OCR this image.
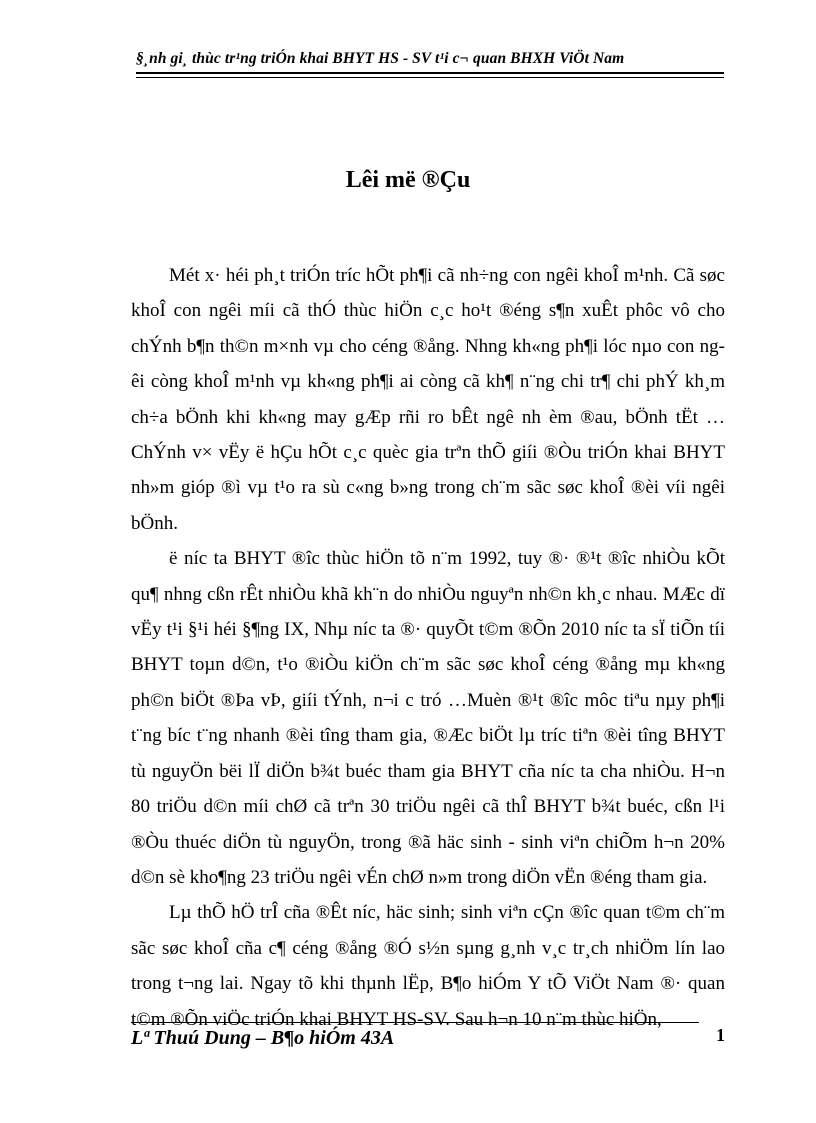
§¸nh gi¸ thùc tr¹ng triÓn khai BHYT HS - SV t¹i c¬ quan BHXH ViÖt Nam
Lêi më ®Çu

Mét x· héi ph¸t triÓn tríc hÕt ph¶i cã nh÷ng con ngêi khoÎ m¹nh. Cã søc khoÎ con ngêi míi cã thÓ thùc hiÖn c¸c ho¹t ®éng s¶n xuÊt phôc vô cho chÝnh b¶n th©n m×nh vµ cho céng ®ång. Nhng kh«ng ph¶i lóc nµo con ngêi còng khoÎ m¹nh vµ kh«ng ph¶i ai còng cã kh¶ n¨ng chi tr¶ chi phÝ kh¸m ch÷a bÖnh khi kh«ng may gÆp rñi ro bÊt ngê nh èm ®au, bÖnh tËt … ChÝnh v× vËy ë hÇu hÕt c¸c quèc gia trªn thÕ giíi ®Òu triÓn khai BHYT nh»m gióp ®ì vµ t¹o ra sù c«ng b»ng trong ch¨m sãc søc khoÎ ®èi víi ngêi bÖnh.

ë níc ta BHYT ®îc thùc hiÖn tõ n¨m 1992, tuy ®· ®¹t ®îc nhiÒu kÕt qu¶ nhng cßn rÊt nhiÒu khã kh¨n do nhiÒu nguyªn nh©n kh¸c nhau. MÆc dï vËy t¹i §¹i héi §¶ng IX, Nhµ níc ta ®· quyÕt t©m ®Õn 2010 níc ta sÏ tiÕn tíi BHYT toµn d©n, t¹o ®iÒu kiÖn ch¨m sãc søc khoÎ céng ®ång mµ kh«ng ph©n biÖt ®Þa vÞ, giíi tÝnh, n¬i c tró …Muèn ®¹t ®îc môc tiªu nµy ph¶i t¨ng bíc t¨ng nhanh ®èi tîng tham gia, ®Æc biÖt lµ tríc tiªn ®èi tîng BHYT tù nguyÖn bëi lÏ diÖn b¾t buéc tham gia BHYT cña níc ta cha nhiÒu. H¬n 80 triÖu d©n míi chØ cã trªn 30 triÖu ngêi cã thÎ BHYT b¾t buéc, cßn l¹i ®Òu thuéc diÖn tù nguyÖn, trong ®ã häc sinh - sinh viªn chiÕm h¬n 20% d©n sè kho¶ng 23 triÖu ngêi vÉn chØ n»m trong diÖn vËn ®éng tham gia.

Lµ thÕ hÖ trÎ cña ®Êt níc, häc sinh; sinh viªn cÇn ®îc quan t©m ch¨m sãc søc khoÎ cña c¶ céng ®ång ®Ó s½n sµng g¸nh v¸c tr¸ch nhiÖm lín lao trong t¬ng lai. Ngay tõ khi thµnh lËp, B¶o hiÓm Y tÕ ViÖt Nam ®· quan t©m ®Õn viÖc triÓn khai BHYT HS-SV. Sau h¬n 10 n¨m thùc hiÖn,

Lª Thuú Dung – B¶o hiÓm 43A	1
